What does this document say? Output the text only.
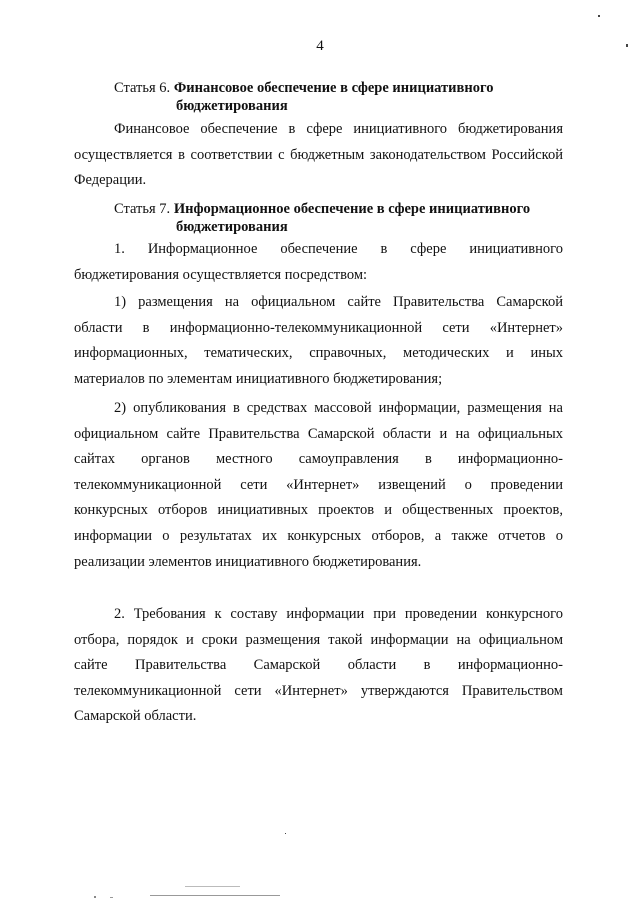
4
Статья 6. Финансовое обеспечение в сфере инициативного
бюджетирования
Финансовое обеспечение в сфере инициативного бюджетирования осуществляется в соответствии с бюджетным законодательством Российской Федерации.
Статья 7. Информационное обеспечение в сфере инициативного
бюджетирования
1. Информационное обеспечение в сфере инициативного бюджетирования осуществляется посредством:
1) размещения на официальном сайте Правительства Самарской области в информационно-телекоммуникационной сети «Интернет» информационных, тематических, справочных, методических и иных материалов по элементам инициативного бюджетирования;
2) опубликования в средствах массовой информации, размещения на официальном сайте Правительства Самарской области и на официальных сайтах органов местного самоуправления в информационно-телекоммуникационной сети «Интернет» извещений о проведении конкурсных отборов инициативных проектов и общественных проектов, информации о результатах их конкурсных отборов, а также отчетов о реализации элементов инициативного бюджетирования.
2. Требования к составу информации при проведении конкурсного отбора, порядок и сроки размещения такой информации на официальном сайте Правительства Самарской области в информационно-телекоммуникационной сети «Интернет» утверждаются Правительством Самарской области.
